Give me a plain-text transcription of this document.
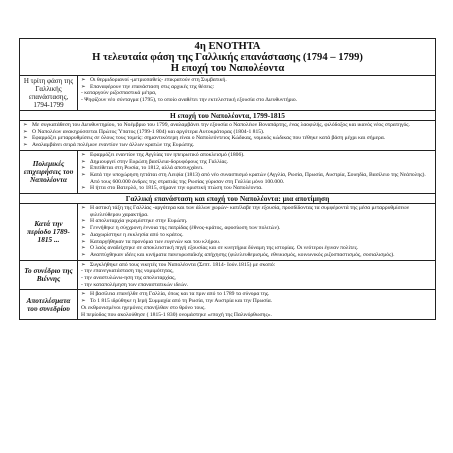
4η ΕΝΟΤΗΤΑ
Η τελευταία φάση της Γαλλικής επανάστασης (1794 – 1799)
Η εποχή του Ναπολέοντα
Η τρίτη φάση της Γαλλικής επανάστασης, 1794-1799
➢ Οι θερμιδοριανοί -μετριοπαθείς- επικρατούν στη Συμβατική.
➢ Επαναφέρουν την επανάσταση στις αρχικές της θέσεις:
- καταργούν ριζοσπαστικά μέτρα,
- Ψηφίζουν νέο σύνταγμα (1795), το οποίο αναθέτει την εκτελεστική εξουσία στο Διευθυντήριο.
Η εποχή του Ναπολέοντα, 1799-1815
➢ Με συγκατάθεση του Διευθυντηρίου, το Νοέμβριο του 1799, αναλαμβάνει την εξουσία ο Ναπολέων Βοναπάρτης, ένας λαοφιλής, φιλόδοξος και ικανός νέος στρατηγός.
➢ Ο Ναπολέων ανακηρύσσεται Πρώτος Ύπατος (1799-1 804) και αργότερα Αυτοκράτορας (1804-1 815).
➢ Εφαρμόζει μεταρρυθμίσεις σε όλους τους τομείς: σημαντικότερη είναι ο Ναπολεόντειος Κώδικας, νομικός κώδικας που τέθηκε κατά βάση μέχρι και σήμερα.
➢ Αναλαμβάνει σειρά πολέμων εναντίον των άλλων κρατών της Ευρώπης.
Πολεμικές επιχειρήσεις του Ναπολέοντα
➢ Εφαρμόζει εναντίον της Αγγλίας τον ηπειρωτικό αποκλεισμό (1806).
➢ Δημιουργεί στην Ευρώπη βασίλεια-δορυφόρους της Γαλλίας.
➢ Επιτίθεται στη Ρωσία, το 1812, αλλά αποτυγχάνει.
➢ Κατά την υποχώρηση ηττάται στη Λειψία (1813) από νέο συνασπισμό κρατών (Αγγλία, Ρωσία, Πρωσία, Αυστρία, Σουηδία, Βασίλειο της Νεάπολης). Από τους 600.000 άνδρες της στρατιάς της Ρωσίας γύρισαν στη Γαλλία μόνο 100.000.
➢ Η ήττα στο Βατερλό, το 1815, σήμανε την οριστική πτώση του Ναπολέοντα.
Γαλλική επανάσταση και εποχή του Ναπολέοντα: μια αποτίμηση
Κατά την περίοδο 1789-1815 ...
➢ Η αστική τάξη της Γαλλίας -αργότερα και των άλλων χωρών- κατέλαβε την εξουσία, προσδίδοντας τα συμφέροντά της μέσα μεταρρυθμίσεων φιλελεύθερου χαρακτήρα.
➢ Η απολυταρχία γκρεμίστηκε στην Ευρώπη.
➢ Γεννήθηκε η σύγχρονη έννοια της πατρίδας (έθνος-κράτος, αφοσίωση των πολιτών).
➢ Διαχωρίστηκε η εκκλησία από το κράτος.
➢ Καταργήθηκαν τα προνόμια των ευγενών και του κλήρου.
➢ Ο λαός αναδείχτηκε σε αποκλειστική πηγή εξουσίας και σε κινητήρια δύναμη της ιστορίας. Οι νεότεροι έγιναν πολίτες.
➢ Αναπτύχθηκαν ιδέες και κινήματα πανευρωπαϊκής απήχησης (φιλελευθερισμός, εθνικισμός, κοινωνικός ριζοσπαστισμός, σοσιαλισμός).
Το συνέδριο της Βιέννης
➢ Συγκλήθηκε από τους νικητές του Ναπολέοντα (Σεπτ. 1814- Ιούν.1815) με σκοπό:
- την επανεγκατάσταση της νομιμότητας,
- την αναστυλώνω-ηση της απολυταρχίας,
- την καταπολέμηση των επαναστατικών ιδεών.
Αποτελέσματα του συνεδρίου
➢ Η βασίλεια επανήλθε στη Γαλλία, όπως και τα πριν από το 1789 τα σύνορα της.
➢ Το 1 815 ιδρύθηκε η Ιερή Συμμαχία από τη Ρωσία, την Αυστρία και την Πρωσία.
Οι εκθρονισμένοι ηγεμόνες επανήλθαν στο θρόνο τους.
Η περίοδος που ακολούθησε ( 1815-1 830) ονομάστηκε «εποχή της Παλινόρθωσης».
